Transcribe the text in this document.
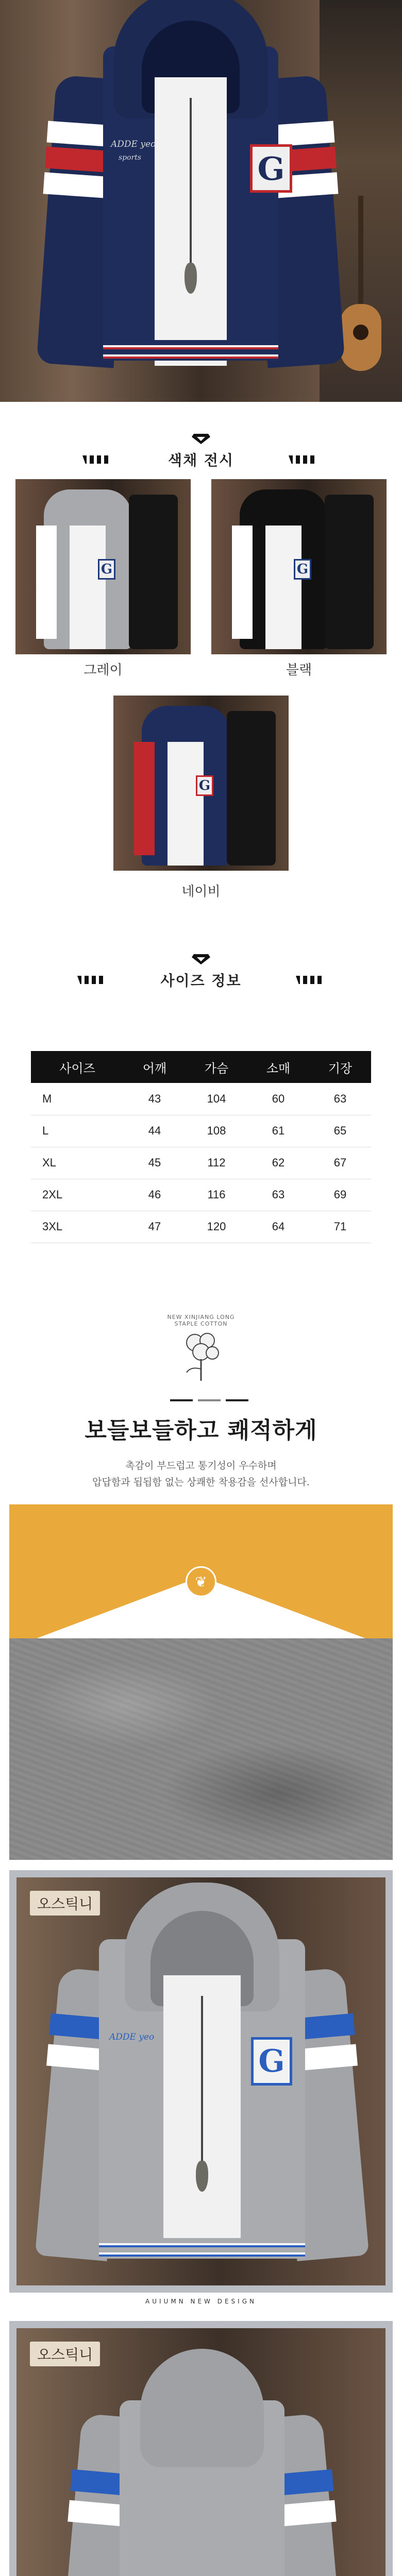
ADDE yeo
sports	G
색채 전시
G
그레이
G
블랙
G
네이비
사이즈 정보
사이즈	어깨	가슴	소매	기장
M	43	104	60	63
L	44	108	61	65
XL	45	112	62	67
2XL	46	116	63	69
3XL	47	120	64	71
NEW XINJIANG LONG STAPLE COTTON
보들보들하고 쾌적하게
촉감이 부드럽고 통기성이 우수하며
압답함과 됩됩함 없는 상쾌한 착용감을 선사합니다.
❦
ADDE yeo
G
오스틱니
AUIUMN NEW DESIGN
오스틱니
